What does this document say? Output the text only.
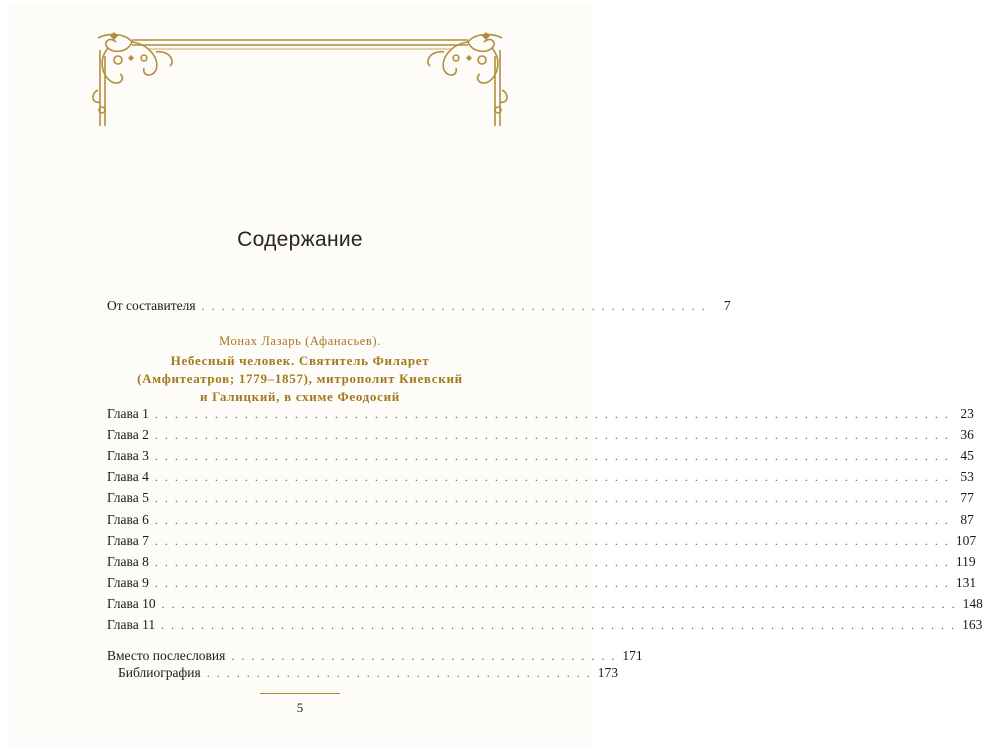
Содержание
От составителя . . . . . . . . . . . . . . . . . . . . . . . . . . . . . . . . . . . . . . . . . . . . . . . . . . .	7
Монах Лазарь (Афанасьев).
Небесный человек. Святитель Филарет
(Амфитеатров; 1779–1857), митрополит Киевский
и Галицкий, в схиме Феодосий
Глава 1 . . . . . . . . . . . . . . . . . . . . . . . . . . . . . . . . . . . . . . . . . . . . . . . . . . . . . . . . . . . . . . . . . . . . . . . . . . . . . . . . 23
Глава 2 . . . . . . . . . . . . . . . . . . . . . . . . . . . . . . . . . . . . . . . . . . . . . . . . . . . . . . . . . . . . . . . . . . . . . . . . . . . . . . . . 36
Глава 3 . . . . . . . . . . . . . . . . . . . . . . . . . . . . . . . . . . . . . . . . . . . . . . . . . . . . . . . . . . . . . . . . . . . . . . . . . . . . . . . . 45
Глава 4 . . . . . . . . . . . . . . . . . . . . . . . . . . . . . . . . . . . . . . . . . . . . . . . . . . . . . . . . . . . . . . . . . . . . . . . . . . . . . . . . 53
Глава 5 . . . . . . . . . . . . . . . . . . . . . . . . . . . . . . . . . . . . . . . . . . . . . . . . . . . . . . . . . . . . . . . . . . . . . . . . . . . . . . . . 77
Глава 6 . . . . . . . . . . . . . . . . . . . . . . . . . . . . . . . . . . . . . . . . . . . . . . . . . . . . . . . . . . . . . . . . . . . . . . . . . . . . . . . . 87
Глава 7 . . . . . . . . . . . . . . . . . . . . . . . . . . . . . . . . . . . . . . . . . . . . . . . . . . . . . . . . . . . . . . . . . . . . . . . . . . . . . . . . 107
Глава 8 . . . . . . . . . . . . . . . . . . . . . . . . . . . . . . . . . . . . . . . . . . . . . . . . . . . . . . . . . . . . . . . . . . . . . . . . . . . . . . . . 119
Глава 9 . . . . . . . . . . . . . . . . . . . . . . . . . . . . . . . . . . . . . . . . . . . . . . . . . . . . . . . . . . . . . . . . . . . . . . . . . . . . . . . . 131
Глава 10 . . . . . . . . . . . . . . . . . . . . . . . . . . . . . . . . . . . . . . . . . . . . . . . . . . . . . . . . . . . . . . . . . . . . . . . . . . . . . . . . 148
Глава 11 . . . . . . . . . . . . . . . . . . . . . . . . . . . . . . . . . . . . . . . . . . . . . . . . . . . . . . . . . . . . . . . . . . . . . . . . . . . . . . . . 163
Вместо послесловия . . . . . . . . . . . . . . . . . . . . . . . . . . . . . . . . . . . . . . . 171
Библиография . . . . . . . . . . . . . . . . . . . . . . . . . . . . . . . . . . . . . . . 173
5
